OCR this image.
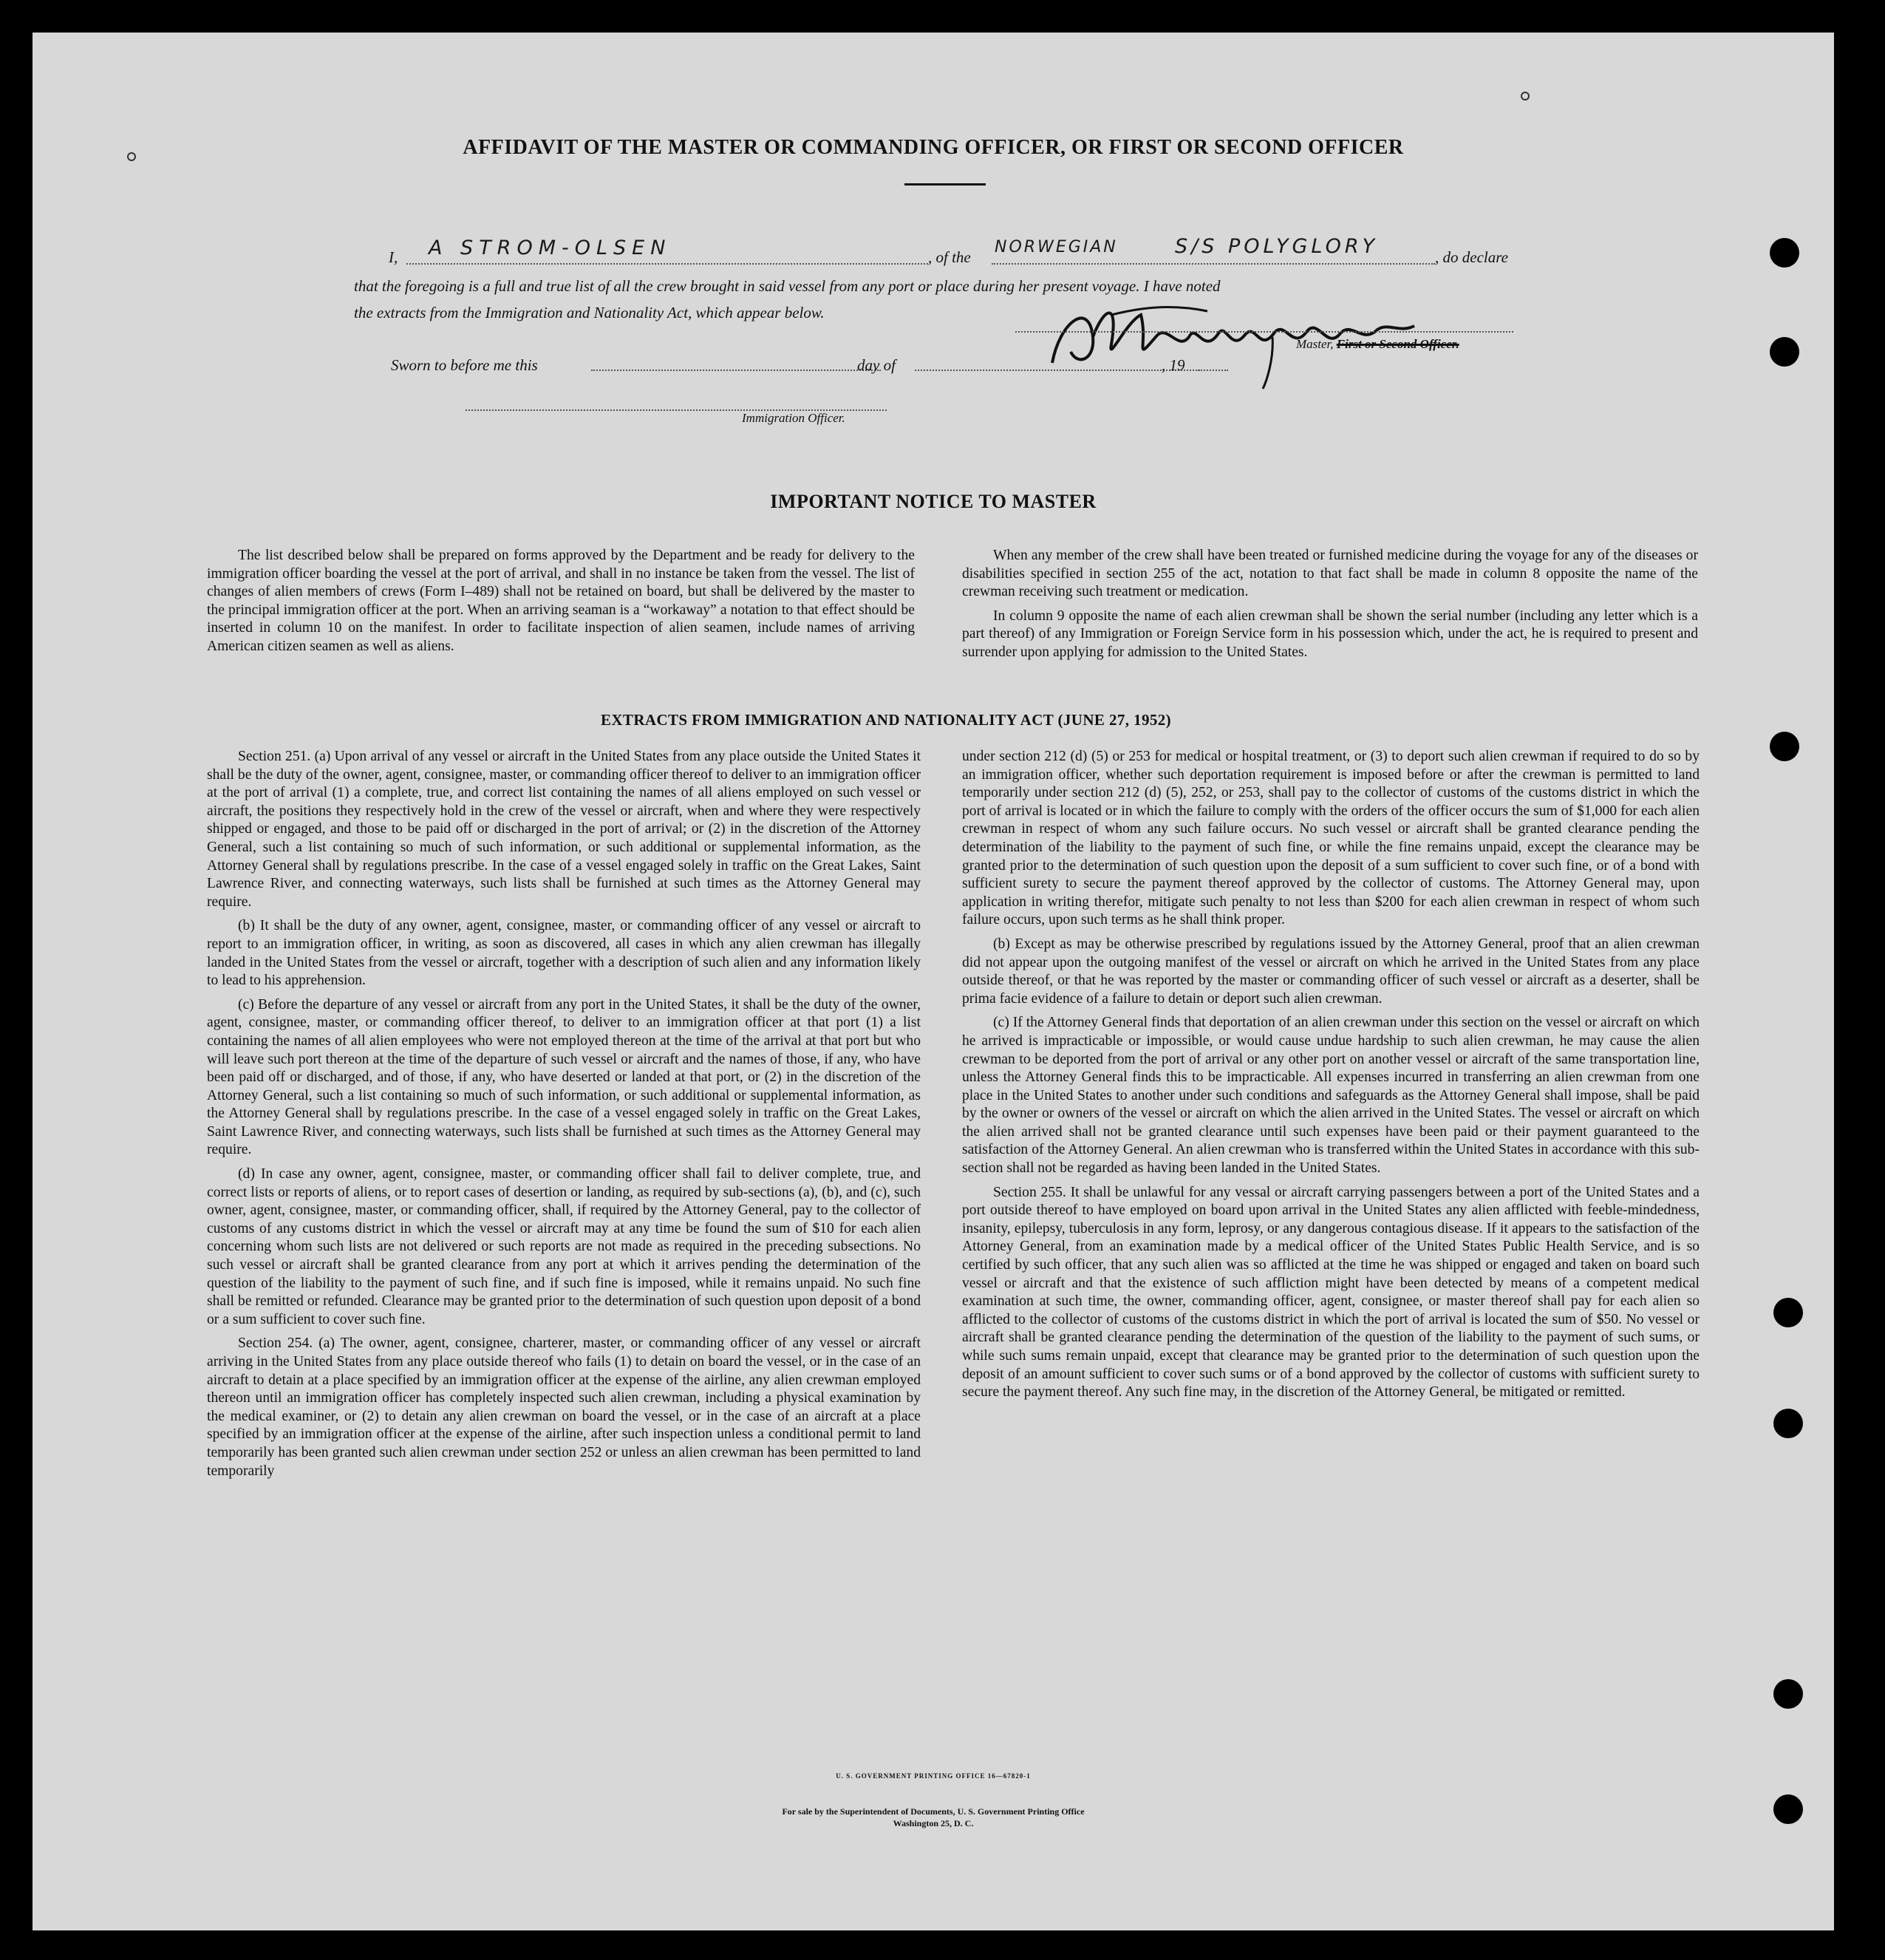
AFFIDAVIT OF THE MASTER OR COMMANDING OFFICER, OR FIRST OR SECOND OFFICER
I, A STROM-OLSEN	, of the
NORWEGIAN	S/S POLYGLORY	, do declare
that the foregoing is a full and true list of all the crew brought in said vessel from any port or place during her present voyage. I have noted
the extracts from the Immigration and Nationality Act, which appear below.
Master, First or Second Officer.
Sworn to before me this	day of	, 19
Immigration Officer.
IMPORTANT NOTICE TO MASTER

The list described below shall be prepared on forms approved by the Department and be ready for delivery to the immigration officer boarding the vessel at the port of arrival, and shall in no instance be taken from the vessel. The list of changes of alien members of crews (Form I–489) shall not be retained on board, but shall be delivered by the master to the principal immigration officer at the port. When an arriving seaman is a “workaway” a notation to that effect should be inserted in column 10 on the manifest. In order to facilitate inspection of alien seamen, include names of arriving American citizen seamen as well as aliens.

When any member of the crew shall have been treated or furnished medicine during the voyage for any of the diseases or disabilities specified in section 255 of the act, notation to that fact shall be made in column 8 opposite the name of the crewman receiving such treatment or medication.

In column 9 opposite the name of each alien crewman shall be shown the serial number (including any letter which is a part thereof) of any Immigration or Foreign Service form in his possession which, under the act, he is required to present and surrender upon applying for admission to the United States.

EXTRACTS FROM IMMIGRATION AND NATIONALITY ACT (JUNE 27, 1952)

Section 251. (a) Upon arrival of any vessel or aircraft in the United States from any place outside the United States it shall be the duty of the owner, agent, consignee, master, or commanding officer thereof to deliver to an immigration officer at the port of arrival (1) a complete, true, and correct list containing the names of all aliens employed on such vessel or aircraft, the positions they respectively hold in the crew of the vessel or aircraft, when and where they were respectively shipped or engaged, and those to be paid off or discharged in the port of arrival; or (2) in the discretion of the Attorney General, such a list containing so much of such information, or such additional or supplemental information, as the Attorney General shall by regulations prescribe. In the case of a vessel engaged solely in traffic on the Great Lakes, Saint Lawrence River, and connecting waterways, such lists shall be furnished at such times as the Attorney General may require.

(b) It shall be the duty of any owner, agent, consignee, master, or commanding officer of any vessel or aircraft to report to an immigration officer, in writing, as soon as discovered, all cases in which any alien crewman has illegally landed in the United States from the vessel or aircraft, together with a description of such alien and any information likely to lead to his apprehension.

(c) Before the departure of any vessel or aircraft from any port in the United States, it shall be the duty of the owner, agent, consignee, master, or commanding officer thereof, to deliver to an immigration officer at that port (1) a list containing the names of all alien employees who were not employed thereon at the time of the arrival at that port but who will leave such port thereon at the time of the departure of such vessel or aircraft and the names of those, if any, who have been paid off or discharged, and of those, if any, who have deserted or landed at that port, or (2) in the discretion of the Attorney General, such a list containing so much of such information, or such additional or supplemental information, as the Attorney General shall by regulations prescribe. In the case of a vessel engaged solely in traffic on the Great Lakes, Saint Lawrence River, and connecting waterways, such lists shall be furnished at such times as the Attorney General may require.

(d) In case any owner, agent, consignee, master, or commanding officer shall fail to deliver complete, true, and correct lists or reports of aliens, or to report cases of desertion or landing, as required by sub-sections (a), (b), and (c), such owner, agent, consignee, master, or commanding officer, shall, if required by the Attorney General, pay to the collector of customs of any customs district in which the vessel or aircraft may at any time be found the sum of $10 for each alien concerning whom such lists are not delivered or such reports are not made as required in the preceding subsections. No such vessel or aircraft shall be granted clearance from any port at which it arrives pending the determination of the question of the liability to the payment of such fine, and if such fine is imposed, while it remains unpaid. No such fine shall be remitted or refunded. Clearance may be granted prior to the determination of such question upon deposit of a bond or a sum sufficient to cover such fine.

Section 254. (a) The owner, agent, consignee, charterer, master, or commanding officer of any vessel or aircraft arriving in the United States from any place outside thereof who fails (1) to detain on board the vessel, or in the case of an aircraft to detain at a place specified by an immigration officer at the expense of the airline, any alien crewman employed thereon until an immigration officer has completely inspected such alien crewman, including a physical examination by the medical examiner, or (2) to detain any alien crewman on board the vessel, or in the case of an aircraft at a place specified by an immigration officer at the expense of the airline, after such inspection unless a conditional permit to land temporarily has been granted such alien crewman under section 252 or unless an alien crewman has been permitted to land temporarily

under section 212 (d) (5) or 253 for medical or hospital treatment, or (3) to deport such alien crewman if required to do so by an immigration officer, whether such deportation requirement is imposed before or after the crewman is permitted to land temporarily under section 212 (d) (5), 252, or 253, shall pay to the collector of customs of the customs district in which the port of arrival is located or in which the failure to comply with the orders of the officer occurs the sum of $1,000 for each alien crewman in respect of whom any such failure occurs. No such vessel or aircraft shall be granted clearance pending the determination of the liability to the payment of such fine, or while the fine remains unpaid, except the clearance may be granted prior to the determination of such question upon the deposit of a sum sufficient to cover such fine, or of a bond with sufficient surety to secure the payment thereof approved by the collector of customs. The Attorney General may, upon application in writing therefor, mitigate such penalty to not less than $200 for each alien crewman in respect of whom such failure occurs, upon such terms as he shall think proper.

(b) Except as may be otherwise prescribed by regulations issued by the Attorney General, proof that an alien crewman did not appear upon the outgoing manifest of the vessel or aircraft on which he arrived in the United States from any place outside thereof, or that he was reported by the master or commanding officer of such vessel or aircraft as a deserter, shall be prima facie evidence of a failure to detain or deport such alien crewman.

(c) If the Attorney General finds that deportation of an alien crewman under this section on the vessel or aircraft on which he arrived is impracticable or impossible, or would cause undue hardship to such alien crewman, he may cause the alien crewman to be deported from the port of arrival or any other port on another vessel or aircraft of the same transportation line, unless the Attorney General finds this to be impracticable. All expenses incurred in transferring an alien crewman from one place in the United States to another under such conditions and safeguards as the Attorney General shall impose, shall be paid by the owner or owners of the vessel or aircraft on which the alien arrived in the United States. The vessel or aircraft on which the alien arrived shall not be granted clearance until such expenses have been paid or their payment guaranteed to the satisfaction of the Attorney General. An alien crewman who is transferred within the United States in accordance with this sub-section shall not be regarded as having been landed in the United States.

Section 255. It shall be unlawful for any vessal or aircraft carrying passengers between a port of the United States and a port outside thereof to have employed on board upon arrival in the United States any alien afflicted with feeble-mindedness, insanity, epilepsy, tuberculosis in any form, leprosy, or any dangerous contagious disease. If it appears to the satisfaction of the Attorney General, from an examination made by a medical officer of the United States Public Health Service, and is so certified by such officer, that any such alien was so afflicted at the time he was shipped or engaged and taken on board such vessel or aircraft and that the existence of such affliction might have been detected by means of a competent medical examination at such time, the owner, commanding officer, agent, consignee, or master thereof shall pay for each alien so afflicted to the collector of customs of the customs district in which the port of arrival is located the sum of $50. No vessel or aircraft shall be granted clearance pending the determination of the question of the liability to the payment of such sums, or while such sums remain unpaid, except that clearance may be granted prior to the determination of such question upon the deposit of an amount sufficient to cover such sums or of a bond approved by the collector of customs with sufficient surety to secure the payment thereof. Any such fine may, in the discretion of the Attorney General, be mitigated or remitted.

U. S. GOVERNMENT PRINTING OFFICE 16—67820-1
For sale by the Superintendent of Documents, U. S. Government Printing Office
Washington 25, D. C.
